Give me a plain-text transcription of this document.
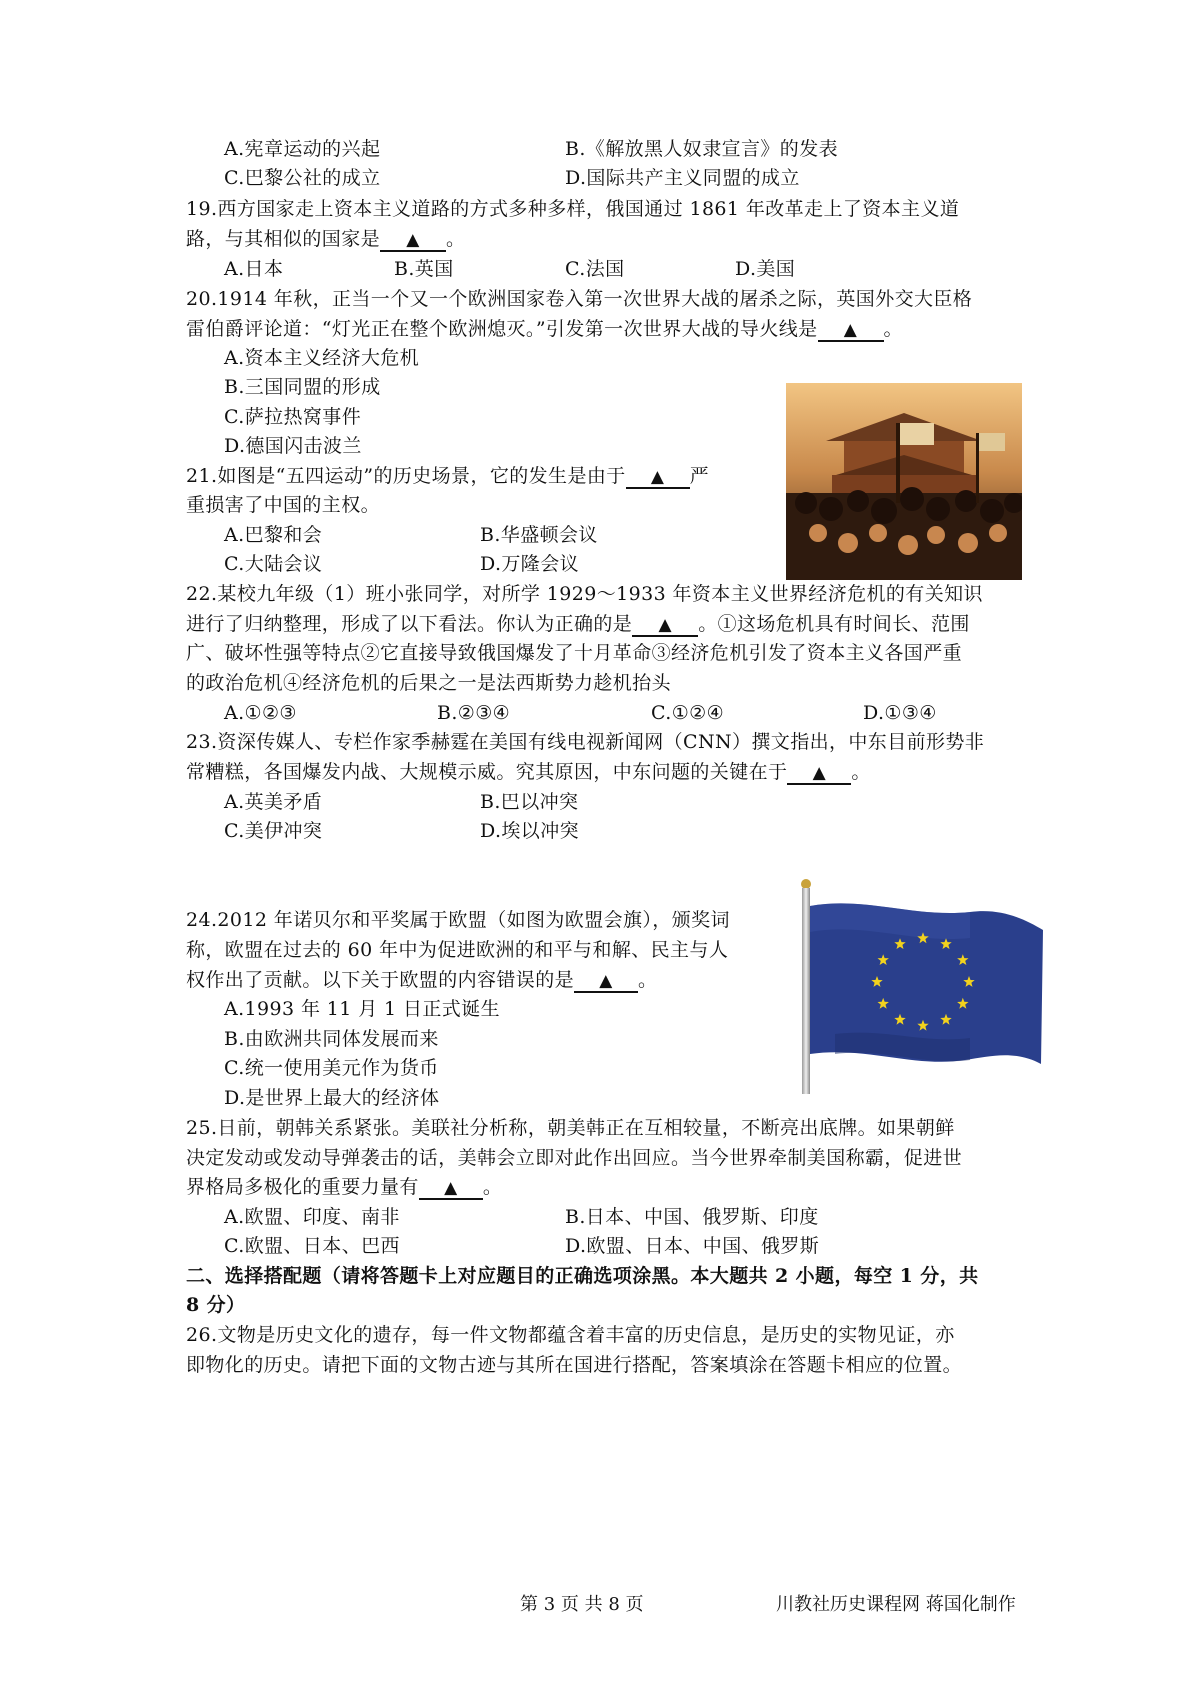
A.宪章运动的兴起	B.《解放黑人奴隶宣言》的发表
C.巴黎公社的成立	D.国际共产主义同盟的成立
19.西方国家走上资本主义道路的方式多种多样，俄国通过 1861 年改革走上了资本主义道
路，与其相似的国家是 ▲ 。
A.日本	B.英国	C.法国	D.美国
20.1914 年秋，正当一个又一个欧洲国家卷入第一次世界大战的屠杀之际，英国外交大臣格
雷伯爵评论道：“灯光正在整个欧洲熄灭。”引发第一次世界大战的导火线是 ▲ 。
A.资本主义经济大危机
B.三国同盟的形成
C.萨拉热窝事件
D.德国闪击波兰
21.如图是“五四运动”的历史场景，它的发生是由于 ▲ 严
重损害了中国的主权。
A.巴黎和会	B.华盛顿会议
C.大陆会议	D.万隆会议
22.某校九年级（1）班小张同学，对所学 1929～1933 年资本主义世界经济危机的有关知识
进行了归纳整理，形成了以下看法。你认为正确的是 ▲ 。①这场危机具有时间长、范围
广、破坏性强等特点②它直接导致俄国爆发了十月革命③经济危机引发了资本主义各国严重
的政治危机④经济危机的后果之一是法西斯势力趁机抬头
A.①②③	B.②③④	C.①②④	D.①③④
23.资深传媒人、专栏作家季赫霆在美国有线电视新闻网（CNN）撰文指出，中东目前形势非
常糟糕，各国爆发内战、大规模示威。究其原因，中东问题的关键在于 ▲ 。
A.英美矛盾	B.巴以冲突
C.美伊冲突	D.埃以冲突
24.2012 年诺贝尔和平奖属于欧盟（如图为欧盟会旗），颁奖词
称，欧盟在过去的 60 年中为促进欧洲的和平与和解、民主与人
权作出了贡献。以下关于欧盟的内容错误的是 ▲ 。
A.1993 年 11 月 1 日正式诞生
B.由欧洲共同体发展而来
C.统一使用美元作为货币
D.是世界上最大的经济体
25.日前，朝韩关系紧张。美联社分析称，朝美韩正在互相较量，不断亮出底牌。如果朝鲜
决定发动或发动导弹袭击的话，美韩会立即对此作出回应。当今世界牵制美国称霸，促进世
界格局多极化的重要力量有 ▲ 。
A.欧盟、印度、南非	B.日本、中国、俄罗斯、印度
C.欧盟、日本、巴西	D.欧盟、日本、中国、俄罗斯
二、选择搭配题（请将答题卡上对应题目的正确选项涂黑。本大题共 2 小题，每空 1 分，共
8 分）
26.文物是历史文化的遗存，每一件文物都蕴含着丰富的历史信息，是历史的实物见证，亦
即物化的历史。请把下面的文物古迹与其所在国进行搭配，答案填涂在答题卡相应的位置。
第 3 页 共 8 页	川教社历史课程网 蒋国化制作
